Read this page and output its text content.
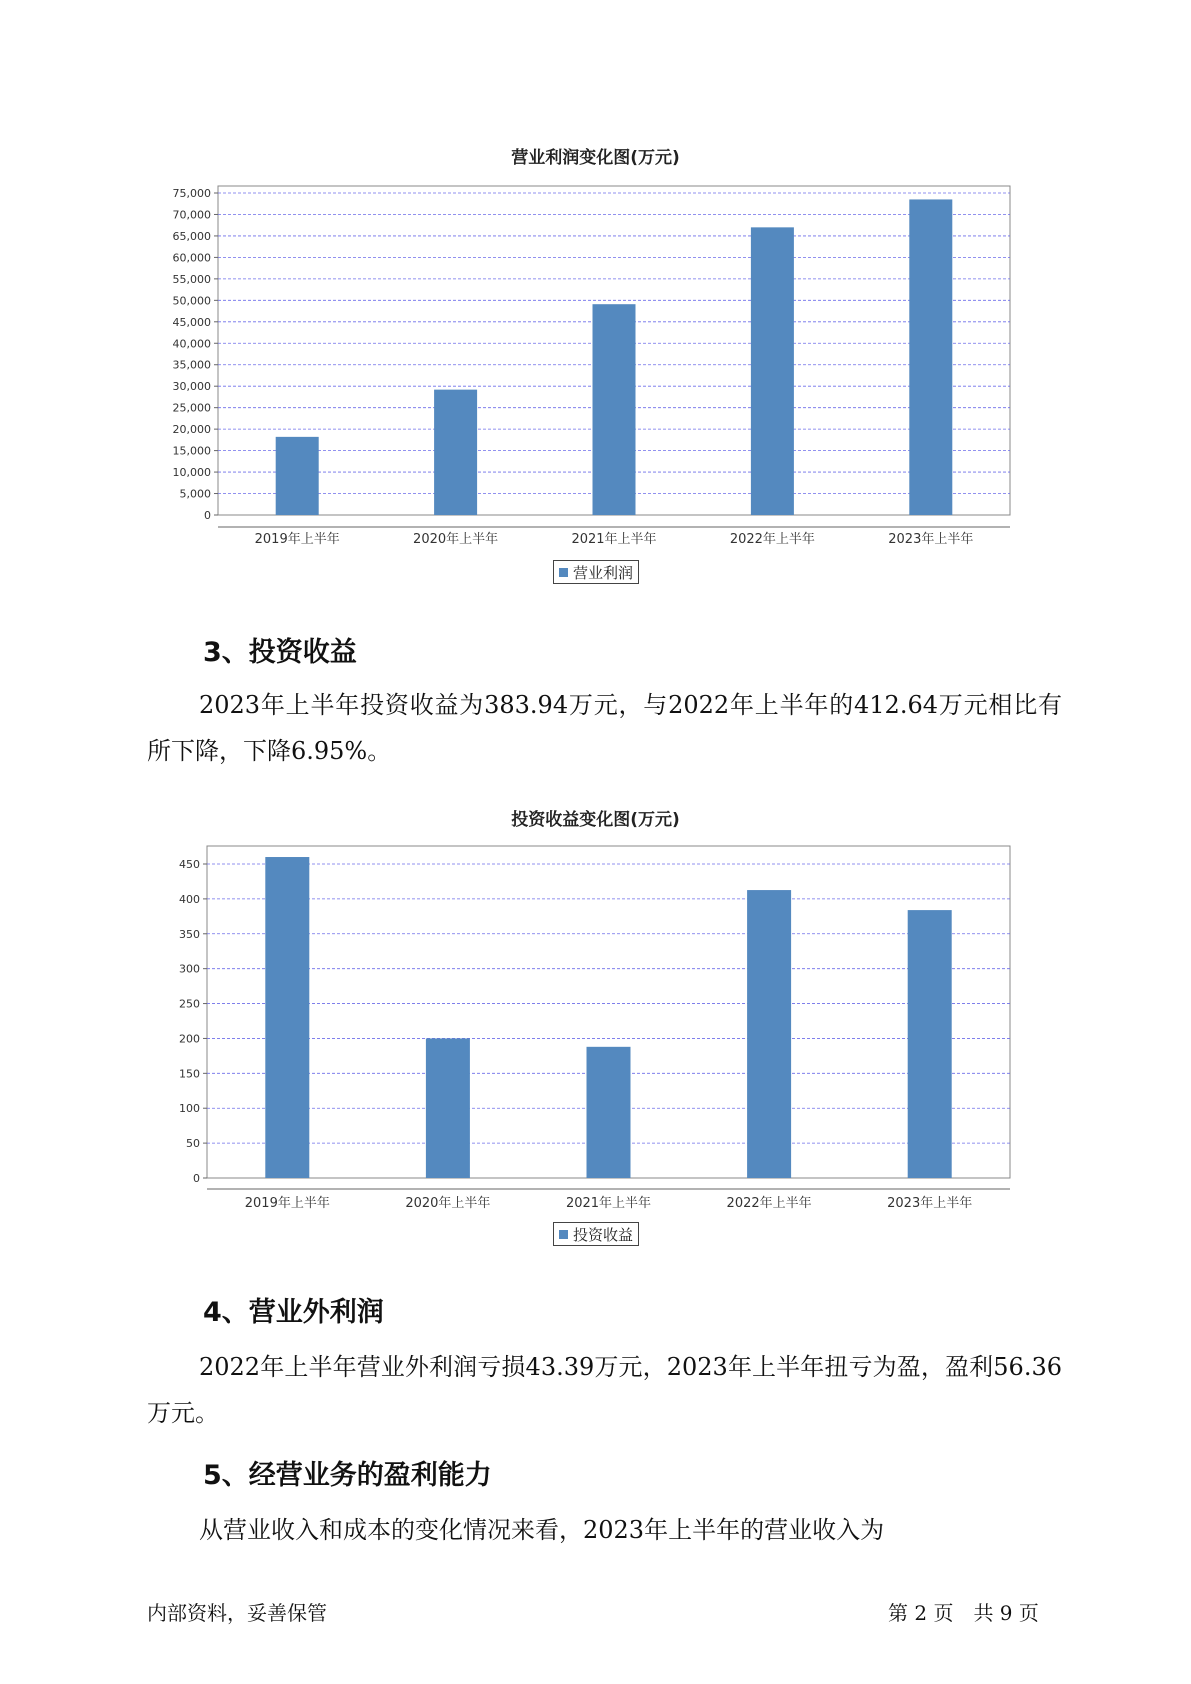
营业利润变化图(万元)
0
5,000
10,000
15,000
20,000
25,000
30,000
35,000
40,000
45,000
50,000
55,000
60,000
65,000
70,000
75,000
2019年上半年	2020年上半年	2021年上半年	2022年上半年	2023年上半年
营业利润
3、投资收益

2023年上半年投资收益为383.94万元，与2022年上半年的412.64万元相比有所下降，下降6.95%。

投资收益变化图(万元)
0
50
100
150
200
250
300
350
400
450
2019年上半年	2020年上半年	2021年上半年	2022年上半年	2023年上半年
投资收益
4、营业外利润

2022年上半年营业外利润亏损43.39万元，2023年上半年扭亏为盈，盈利56.36万元。

5、经营业务的盈利能力

从营业收入和成本的变化情况来看，2023年上半年的营业收入为

内部资料，妥善保管	第 2 页　共 9 页
